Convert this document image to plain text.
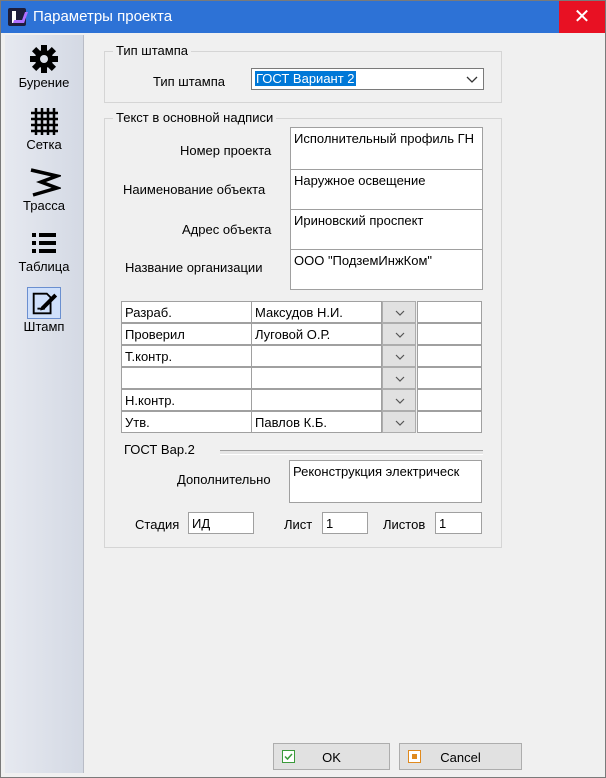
Параметры проекта	✕
Бурение
Сетка
Трасса
Таблица
Штамп
Тип штампа
Тип штампа ГОСТ Вариант 2
Текст в основной надписи
Номер проекта
Исполнительный профиль ГН
Наименование объекта
Наружное освещение
Адрес объекта
Ириновский проспект
Название организации	ООО "ПодземИнжКом"
Разраб.	Максудов Н.И.
Проверил	Луговой О.Р.
Т.контр.
Н.контр.
Утв.	Павлов К.Б.
ГОСТ Вар.2
Дополнительно
Реконструкция электрическ
Стадия ИД	Лист	1	Листов	1
OK	Cancel
